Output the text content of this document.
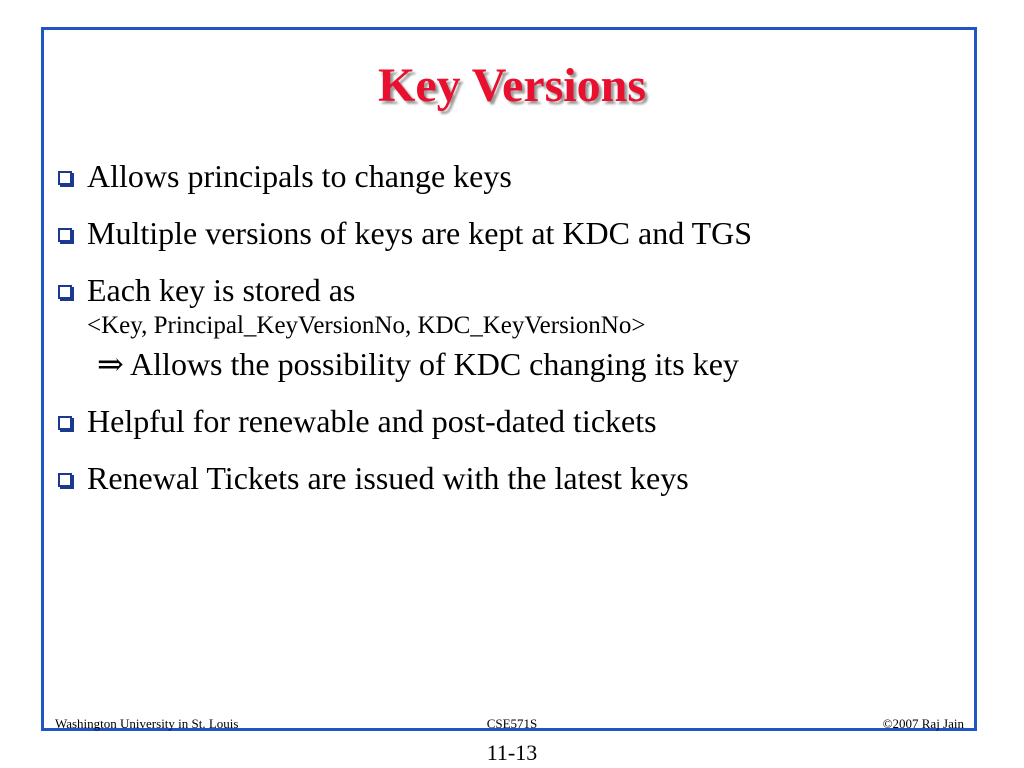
Key Versions
Allows principals to change keys
Multiple versions of keys are kept at KDC and TGS
Each key is stored as
<Key, Principal_KeyVersionNo, KDC_KeyVersionNo>
⇒ Allows the possibility of KDC changing its key
Helpful for renewable and post-dated tickets
Renewal Tickets are issued with the latest keys
Washington University in St. Louis	CSE571S	©2007 Raj Jain
11-13
